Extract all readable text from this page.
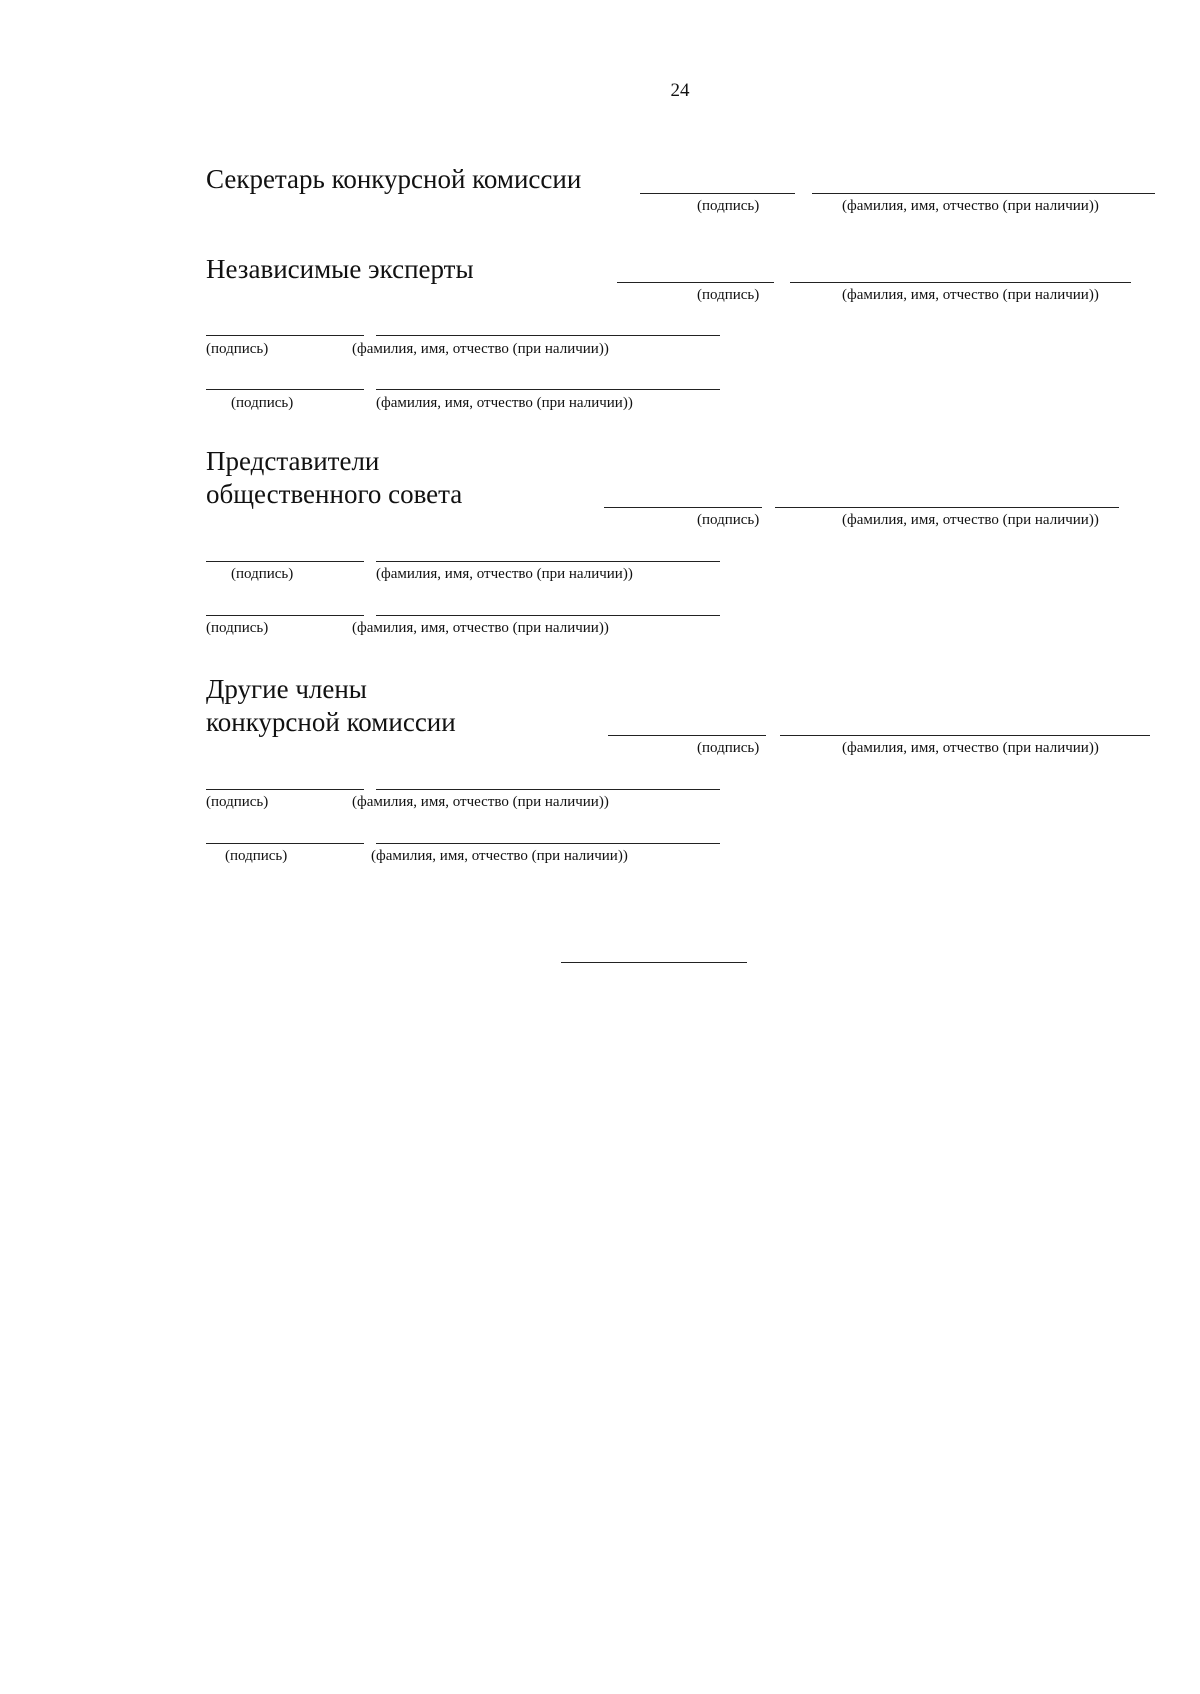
24
Секретарь конкурсной комиссии
(подпись)	(фамилия, имя, отчество (при наличии))
Независимые эксперты
(подпись)	(фамилия, имя, отчество (при наличии))
(подпись)	(фамилия, имя, отчество (при наличии))
(подпись)	(фамилия, имя, отчество (при наличии))
Представители
общественного совета
(подпись)	(фамилия, имя, отчество (при наличии))
(подпись)	(фамилия, имя, отчество (при наличии))
(подпись)	(фамилия, имя, отчество (при наличии))
Другие члены
конкурсной комиссии
(подпись)	(фамилия, имя, отчество (при наличии))
(подпись)	(фамилия, имя, отчество (при наличии))
(подпись)	(фамилия, имя, отчество (при наличии))
